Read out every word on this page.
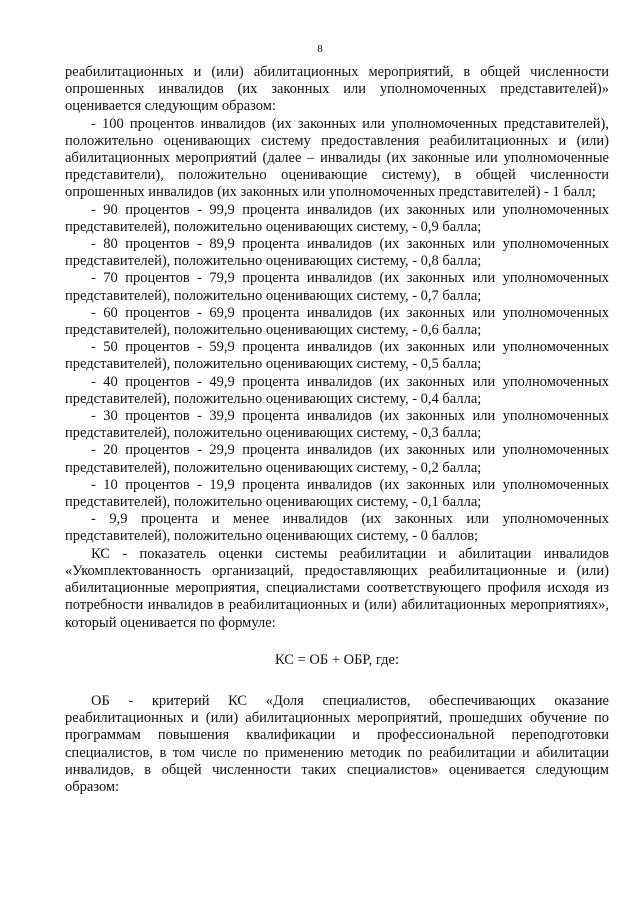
8

реабилитационных и (или) абилитационных мероприятий, в общей численности опрошенных инвалидов (их законных или уполномоченных представителей)» оценивается следующим образом:

- 100 процентов инвалидов (их законных или уполномоченных представителей), положительно оценивающих систему предоставления реабилитационных и (или) абилитационных мероприятий (далее – инвалиды (их законные или уполномоченные представители), положительно оценивающие систему), в общей численности опрошенных инвалидов (их законных или уполномоченных представителей) - 1 балл;

- 90 процентов - 99,9 процента инвалидов (их законных или уполномоченных представителей), положительно оценивающих систему, - 0,9 балла;

- 80 процентов - 89,9 процента инвалидов (их законных или уполномоченных представителей), положительно оценивающих систему, - 0,8 балла;

- 70 процентов - 79,9 процента инвалидов (их законных или уполномоченных представителей), положительно оценивающих систему, - 0,7 балла;

- 60 процентов - 69,9 процента инвалидов (их законных или уполномоченных представителей), положительно оценивающих систему, - 0,6 балла;

- 50 процентов - 59,9 процента инвалидов (их законных или уполномоченных представителей), положительно оценивающих систему, - 0,5 балла;

- 40 процентов - 49,9 процента инвалидов (их законных или уполномоченных представителей), положительно оценивающих систему, - 0,4 балла;

- 30 процентов - 39,9 процента инвалидов (их законных или уполномоченных представителей), положительно оценивающих систему, - 0,3 балла;

- 20 процентов - 29,9 процента инвалидов (их законных или уполномоченных представителей), положительно оценивающих систему, - 0,2 балла;

- 10 процентов - 19,9 процента инвалидов (их законных или уполномоченных представителей), положительно оценивающих систему, - 0,1 балла;

- 9,9 процента и менее инвалидов (их законных или уполномоченных представителей), положительно оценивающих систему, - 0 баллов;

КС - показатель оценки системы реабилитации и абилитации инвалидов «Укомплектованность организаций, предоставляющих реабилитационные и (или) абилитационные мероприятия, специалистами соответствующего профиля исходя из потребности инвалидов в реабилитационных и (или) абилитационных мероприятиях», который оценивается по формуле:

КС = ОБ + ОБР, где:

ОБ - критерий КС «Доля специалистов, обеспечивающих оказание реабилитационных и (или) абилитационных мероприятий, прошедших обучение по программам повышения квалификации и профессиональной переподготовки специалистов, в том числе по применению методик по реабилитации и абилитации инвалидов, в общей численности таких специалистов» оценивается следующим образом:
